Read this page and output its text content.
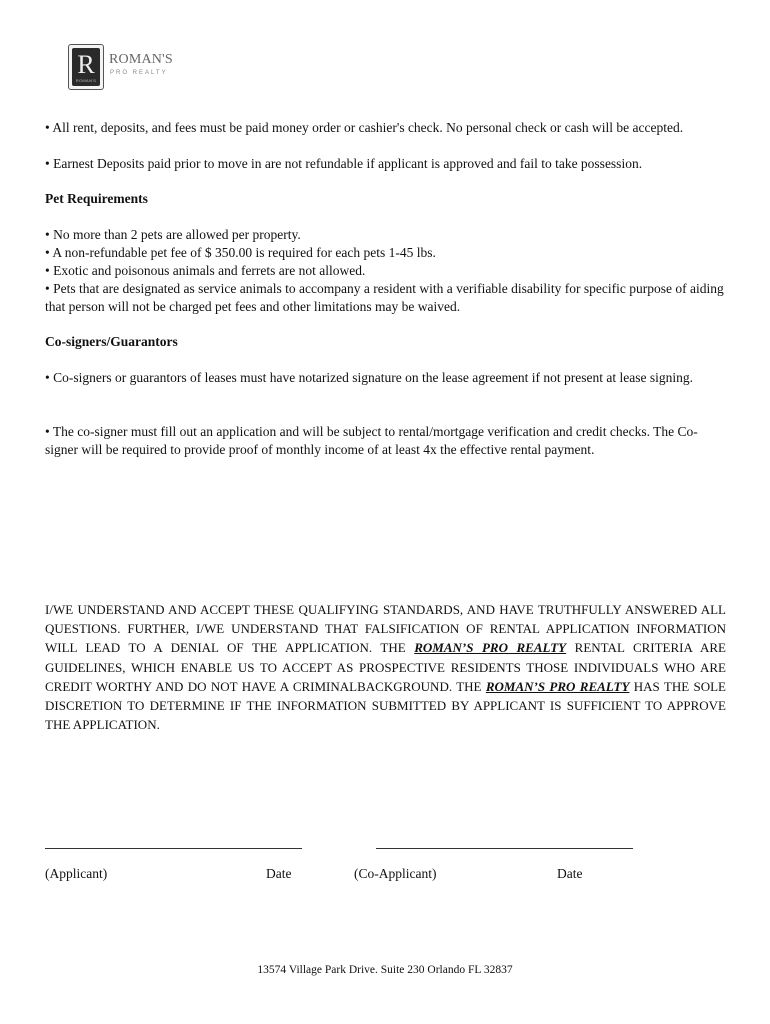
R
ROMAN'S
ROMAN'S
PRO REALTY

• All rent, deposits, and fees must be paid money order or cashier's check. No personal check or cash will be accepted.

• Earnest Deposits paid prior to move in are not refundable if applicant is approved and fail to take possession.

Pet Requirements

• No more than 2 pets are allowed per property.

• A non-refundable pet fee of $ 350.00 is required for each pets 1-45 lbs.

• Exotic and poisonous animals and ferrets are not allowed.

• Pets that are designated as service animals to accompany a resident with a verifiable disability for specific purpose of aiding that person will not be charged pet fees and other limitations may be waived.

Co-signers/Guarantors

• Co-signers or guarantors of leases must have notarized signature on the lease agreement if not present at lease signing.

• The co-signer must fill out an application and will be subject to rental/mortgage verification and credit checks. The Co-signer will be required to provide proof of monthly income of at least 4x the effective rental payment.

I/WE UNDERSTAND AND ACCEPT THESE QUALIFYING STANDARDS, AND HAVE TRUTHFULLY ANSWERED ALL QUESTIONS. FURTHER, I/WE UNDERSTAND THAT FALSIFICATION OF RENTAL APPLICATION INFORMATION WILL LEAD TO A DENIAL OF THE APPLICATION. THE ROMAN’S PRO REALTY RENTAL CRITERIA ARE GUIDELINES, WHICH ENABLE US TO ACCEPT AS PROSPECTIVE RESIDENTS THOSE INDIVIDUALS WHO ARE CREDIT WORTHY AND DO NOT HAVE A CRIMINALBACKGROUND. THE ROMAN’S PRO REALTY HAS THE SOLE DISCRETION TO DETERMINE IF THE INFORMATION SUBMITTED BY APPLICANT IS SUFFICIENT TO APPROVE THE APPLICATION.

(Applicant)	Date	(Co-Applicant)	Date
13574 Village Park Drive. Suite 230 Orlando FL 32837
